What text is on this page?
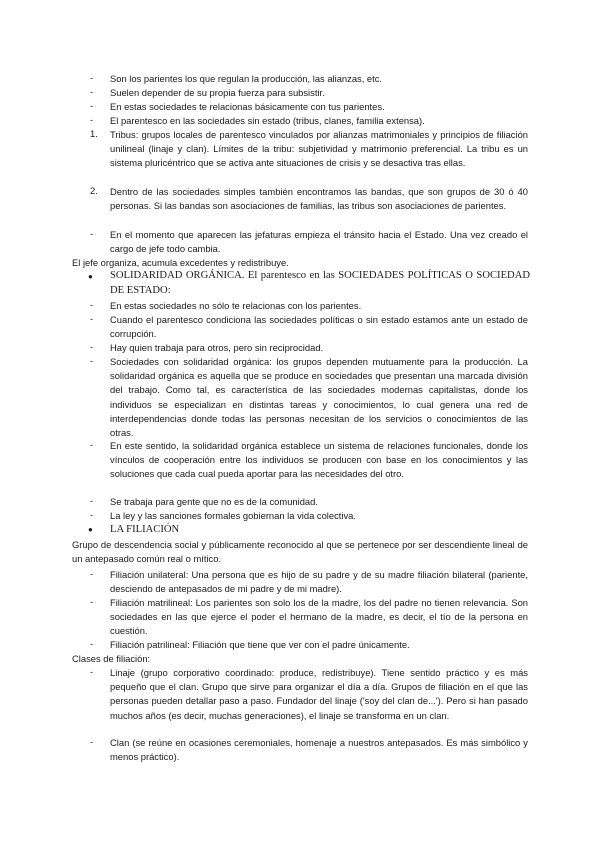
-	Son los parientes los que regulan la producción, las alianzas, etc.
-	Suelen depender de su propia fuerza para subsistir.
-	En estas sociedades te relacionas básicamente con tus parientes.
-	El parentesco en las sociedades sin estado (tribus, clanes, familia extensa).
1.	Tribus: grupos locales de parentesco vinculados por alianzas matrimoniales y principios de filiación unilineal (linaje y clan). Límites de la tribu: subjetividad y matrimonio preferencial. La tribu es un sistema pluricéntrico que se activa ante situaciones de crisis y se desactiva tras ellas.
2.	Dentro de las sociedades simples también encontramos las bandas, que son grupos de 30 ó 40 personas. Si las bandas son asociaciones de familias, las tribus son asociaciones de parientes.
-	En el momento que aparecen las jefaturas empieza el tránsito hacia el Estado. Una vez creado el cargo de jefe todo cambia.

El jefe organiza, acumula excedentes y redistribuye.

●	SOLIDARIDAD ORGÁNICA. El parentesco en las SOCIEDADES POLÍTICAS O SOCIEDAD DE ESTADO:
-	En estas sociedades no sólo te relacionas con los parientes.
-	Cuando el parentesco condiciona las sociedades políticas o sin estado estamos ante un estado de corrupción.
-	Hay quien trabaja para otros, pero sin reciprocidad.
-	Sociedades con solidaridad orgánica: los grupos dependen mutuamente para la producción. La solidaridad orgánica es aquella que se produce en sociedades que presentan una marcada división del trabajo. Como tal, es característica de las sociedades modernas capitalistas, donde los individuos se especializan en distintas tareas y conocimientos, lo cual genera una red de interdependencias donde todas las personas necesitan de los servicios o conocimientos de las otras.
-	En este sentido, la solidaridad orgánica establece un sistema de relaciones funcionales, donde los vínculos de cooperación entre los individuos se producen con base en los conocimientos y las soluciones que cada cual pueda aportar para las necesidades del otro.
-	Se trabaja para gente que no es de la comunidad.
-	La ley y las sanciones formales gobiernan la vida colectiva.
●	LA FILIACIÓN

Grupo de descendencia social y públicamente reconocido al que se pertenece por ser descendiente lineal de un antepasado común real o mítico.

-	Filiación unilateral: Una persona que es hijo de su padre y de su madre filiación bilateral (pariente, desciendo de antepasados de mi padre y de mi madre).
-	Filiación matrilineal: Los parientes son solo los de la madre, los del padre no tienen relevancia. Son sociedades en las que ejerce el poder el hermano de la madre, es decir, el tío de la persona en cuestión.
-	Filiación patrilineal: Filiación que tiene que ver con el padre únicamente.

Clases de filiación:

-	Linaje (grupo corporativo coordinado: produce, redistribuye). Tiene sentido práctico y es más pequeño que el clan. Grupo que sirve para organizar el día a día. Grupos de filiación en el que las personas pueden detallar paso a paso. Fundador del linaje ('soy del clan de...'). Pero si han pasado muchos años (es decir, muchas generaciones), el linaje se transforma en un clan.
-	Clan (se reúne en ocasiones ceremoniales, homenaje a nuestros antepasados. Es más simbólico y menos práctico).
